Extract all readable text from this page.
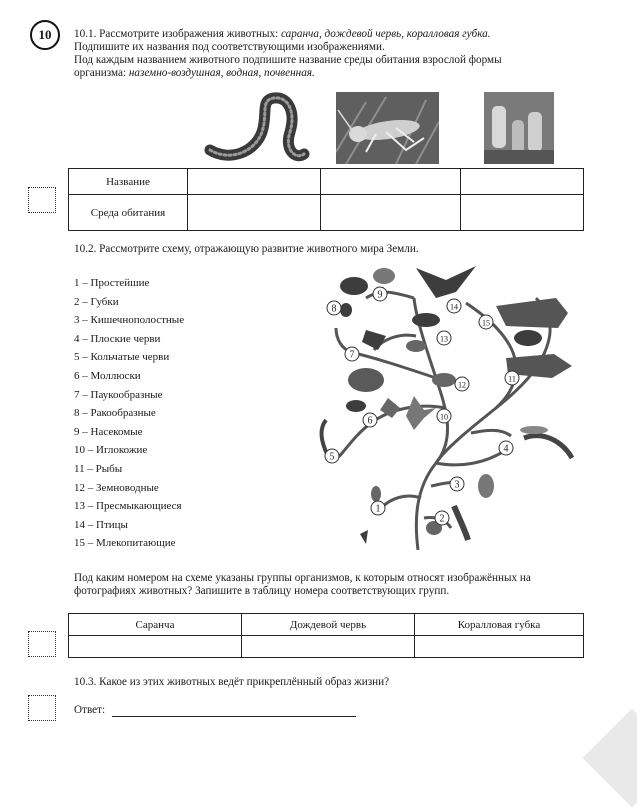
10	10.1. Рассмотрите изображения животных: саранча, дождевой червь, коралловая губка.
Подпишите их названия под соответствующими изображениями.
Под каждым названием животного подпишите название среды обитания взрослой формы
организма: наземно-воздушная, водная, почвенная.
Название			
Среда обитания			
10.2. Рассмотрите схему, отражающую развитие животного мира Земли.
1 – Простейшие
2 – Губки
3 – Кишечнополостные
4 – Плоские черви
5 – Кольчатые черви
6 – Моллюски
7 – Паукообразные
8 – Ракообразные
9 – Насекомые
10 – Иглокожие
11 – Рыбы
12 – Земноводные
13 – Пресмыкающиеся
14 – Птицы
15 – Млекопитающие
1
2
3
4
5
6
7
8
9
10
11
12
13
14
15
Под каким номером на схеме указаны группы организмов, к которым относят изображённых на
фотографиях животных? Запишите в таблицу номера соответствующих групп.
Саранча	Дождевой червь	Коралловая губка

10.3. Какое из этих животных ведёт прикреплённый образ жизни?
Ответ:
